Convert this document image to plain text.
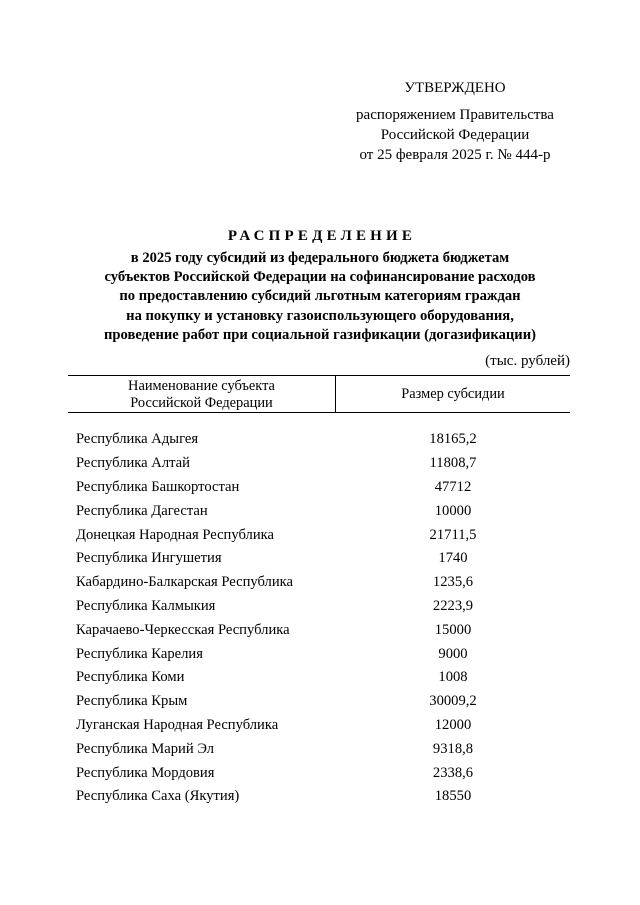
УТВЕРЖДЕНО
распоряжением Правительства
Российской Федерации
от 25 февраля 2025 г. № 444-р
РАСПРЕДЕЛЕНИЕ
в 2025 году субсидий из федерального бюджета бюджетам
субъектов Российской Федерации на софинансирование расходов
по предоставлению субсидий льготным категориям граждан
на покупку и установку газоиспользующего оборудования,
проведение работ при социальной газификации (догазификации)
(тыс. рублей)
Наименование субъекта
Российской Федерации
Размер субсидии
Республика Адыгея	18165,2
Республика Алтай	11808,7
Республика Башкортостан	47712
Республика Дагестан	10000
Донецкая Народная Республика	21711,5
Республика Ингушетия	1740
Кабардино-Балкарская Республика	1235,6
Республика Калмыкия	2223,9
Карачаево-Черкесская Республика	15000
Республика Карелия	9000
Республика Коми	1008
Республика Крым	30009,2
Луганская Народная Республика	12000
Республика Марий Эл	9318,8
Республика Мордовия	2338,6
Республика Саха (Якутия)	18550
